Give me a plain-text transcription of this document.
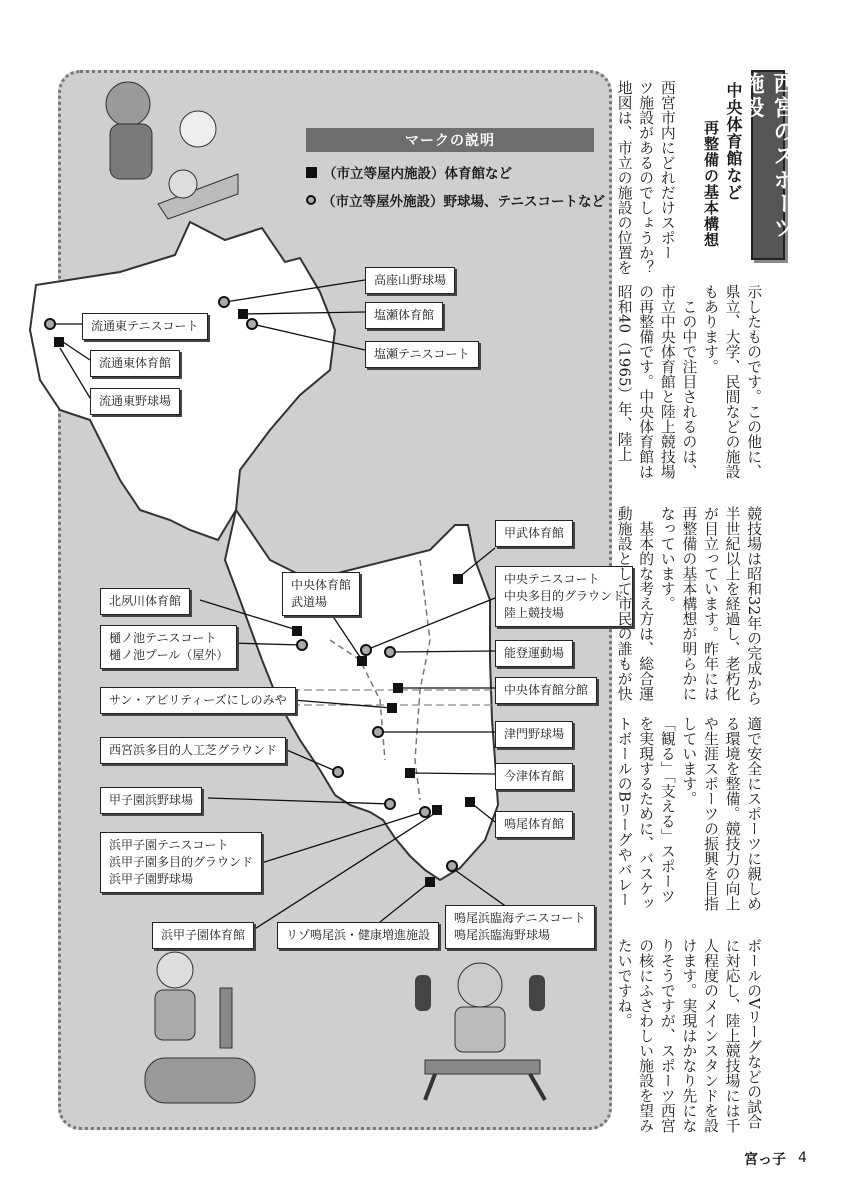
マークの説明
（市立等屋内施設）体育館など
（市立等屋外施設）野球場、テニスコートなど
高座山野球場
塩瀬体育館
塩瀬テニスコート
流通東テニスコート
流通東体育館
流通東野球場
甲武体育館
中央テニスコート
中央多目的グラウンド
陸上競技場
中央体育館
武道場
北夙川体育館
樋ノ池テニスコート
樋ノ池プール（屋外）	能登運動場
中央体育館分館
サン・アビリティーズにしのみや
津門野球場
西宮浜多目的人工芝グラウンド
今津体育館
甲子園浜野球場
鳴尾体育館
浜甲子園テニスコート
浜甲子園多目的グラウンド
浜甲子園野球場
鳴尾浜臨海テニスコート
鳴尾浜臨海野球場
浜甲子園体育館	リゾ鳴尾浜・健康増進施設
西宮のスポーツ施設
中央体育館など
再整備の基本構想
西宮市内にどれだけスポー
ツ施設があるのでしょうか？
地図は、市立の施設の位置を
示したものです。この他に、
県立、大学、民間などの施設
もあります。
　この中で注目されるのは、
市立中央体育館と陸上競技場
の再整備です。中央体育館は
昭和40（1965）年、陸上
競技場は昭和32年の完成から
半世紀以上を経過し、老朽化
が目立っています。昨年には
再整備の基本構想が明らかに
なっています。
　基本的な考え方は、総合運
動施設として市民の誰もが快
適で安全にスポーツに親しめ
る環境を整備。競技力の向上
や生涯スポーツの振興を目指
しています。
「観る」「支える」スポーツ
を実現するために、バスケッ
トボールのBリーグやバレー
ボールのVリーグなどの試合
に対応し、陸上競技場には千
人程度のメインスタンドを設
けます。実現はかなり先にな
りそうですが、スポーツ西宮
の核にふさわしい施設を望み
たいですね。
宮っ子 4
